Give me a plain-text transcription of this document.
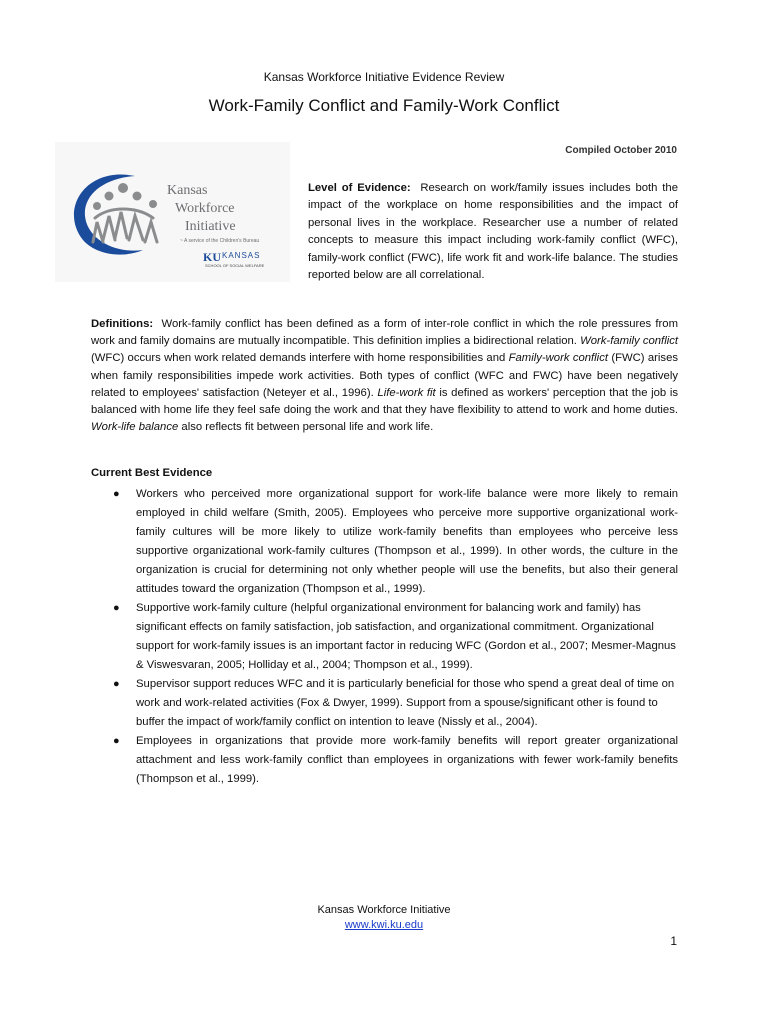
Kansas Workforce Initiative Evidence Review
Work-Family Conflict and Family-Work Conflict
Compiled October 2010
Kansas
Workforce
Initiative
~ A service of the Children's Bureau
KU KANSAS
SCHOOL OF SOCIAL WELFARE
Level of Evidence: Research on work/family issues includes both the impact of the workplace on home responsibilities and the impact of personal lives in the workplace. Researcher use a number of related concepts to measure this impact including work-family conflict (WFC), family-work conflict (FWC), life work fit and work-life balance. The studies reported below are all correlational.
Definitions: Work-family conflict has been defined as a form of inter-role conflict in which the role pressures from work and family domains are mutually incompatible. This definition implies a bidirectional relation. Work-family conflict (WFC) occurs when work related demands interfere with home responsibilities and Family-work conflict (FWC) arises when family responsibilities impede work activities. Both types of conflict (WFC and FWC) have been negatively related to employees' satisfaction (Neteyer et al., 1996). Life-work fit is defined as workers' perception that the job is balanced with home life they feel safe doing the work and that they have flexibility to attend to work and home duties. Work-life balance also reflects fit between personal life and work life.
Current Best Evidence
● Workers who perceived more organizational support for work-life balance were more likely to remain employed in child welfare (Smith, 2005). Employees who perceive more supportive organizational work-family cultures will be more likely to utilize work-family benefits than employees who perceive less supportive organizational work-family cultures (Thompson et al., 1999). In other words, the culture in the organization is crucial for determining not only whether people will use the benefits, but also their general attitudes toward the organization (Thompson et al., 1999).
● Supportive work-family culture (helpful organizational environment for balancing work and family) has significant effects on family satisfaction, job satisfaction, and organizational commitment. Organizational support for work-family issues is an important factor in reducing WFC (Gordon et al., 2007; Mesmer-Magnus & Viswesvaran, 2005; Holliday et al., 2004; Thompson et al., 1999).
● Supervisor support reduces WFC and it is particularly beneficial for those who spend a great deal of time on work and work-related activities (Fox & Dwyer, 1999). Support from a spouse/significant other is found to buffer the impact of work/family conflict on intention to leave (Nissly et al., 2004).
● Employees in organizations that provide more work-family benefits will report greater organizational attachment and less work-family conflict than employees in organizations with fewer work-family benefits (Thompson et al., 1999).
Kansas Workforce Initiative
www.kwi.ku.edu
1
